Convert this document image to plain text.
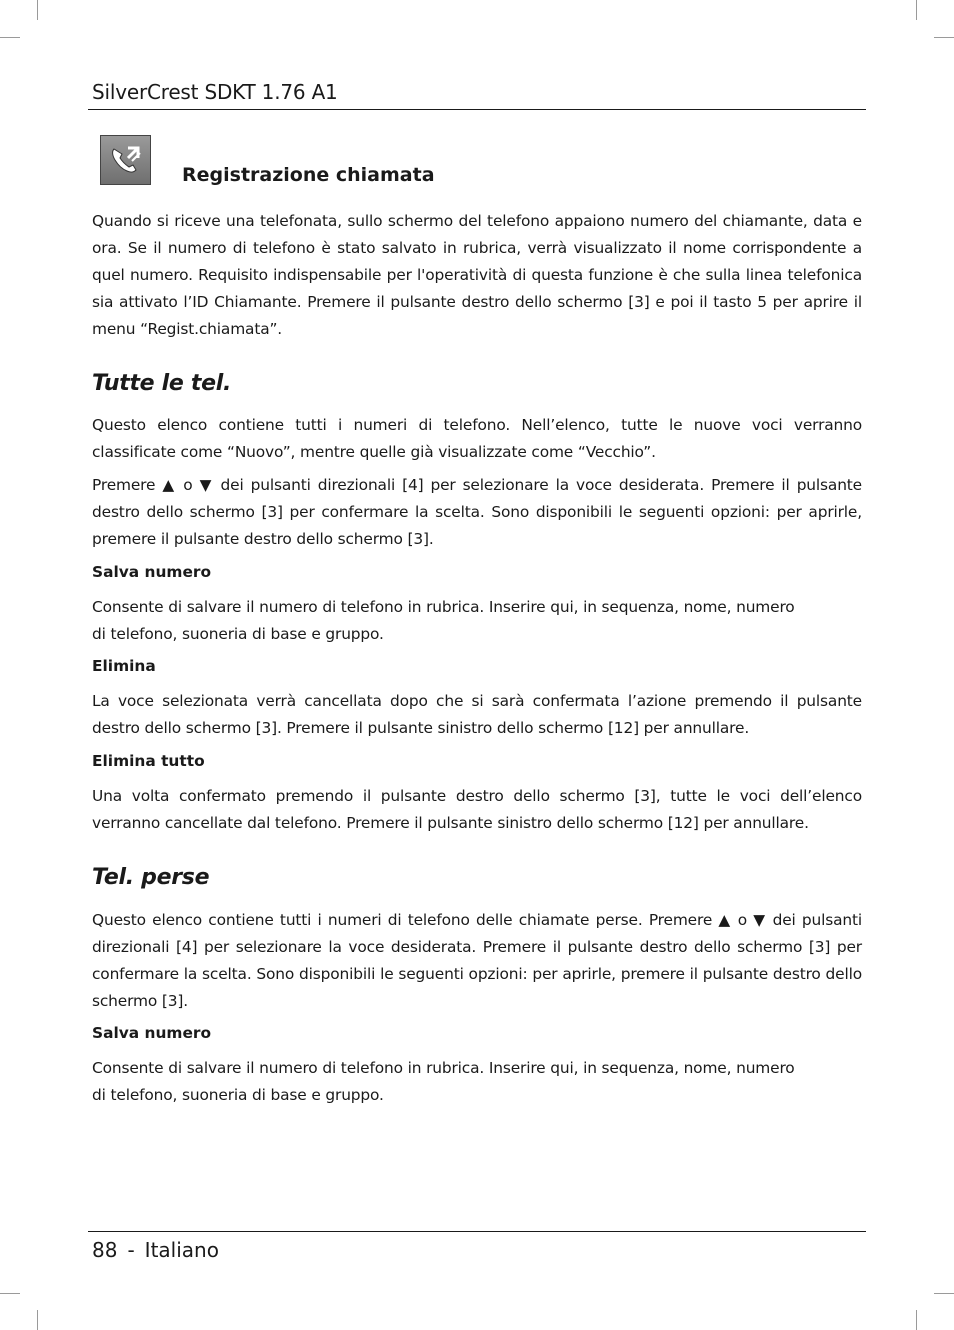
SilverCrest SDKT 1.76 A1
Registrazione chiamata

Quando si riceve una telefonata, sullo schermo del telefono appaiono numero del chiamante, data e ora. Se il numero di telefono è stato salvato in rubrica, verrà visualizzato il nome corrispondente a quel numero. Requisito indispensabile per l'operatività di questa funzione è che sulla linea telefonica sia attivato l’ID Chiamante. Premere il pulsante destro dello schermo [3] e poi il tasto 5 per aprire il menu “Regist.chiamata”.

Tutte le tel.

Questo elenco contiene tutti i numeri di telefono. Nell’elenco, tutte le nuove voci verranno classificate come “Nuovo”, mentre quelle già visualizzate come “Vecchio”.

Premere ▲ o ▼ dei pulsanti direzionali [4] per selezionare la voce desiderata. Premere il pulsante destro dello schermo [3] per confermare la scelta. Sono disponibili le seguenti opzioni: per aprirle, premere il pulsante destro dello schermo [3].

Salva numero

Consente di salvare il numero di telefono in rubrica. Inserire qui, in sequenza, nome, numero di telefono, suoneria di base e gruppo.

Elimina

La voce selezionata verrà cancellata dopo che si sarà confermata l’azione premendo il pulsante destro dello schermo [3]. Premere il pulsante sinistro dello schermo [12] per annullare.

Elimina tutto

Una volta confermato premendo il pulsante destro dello schermo [3], tutte le voci dell’elenco verranno cancellate dal telefono. Premere il pulsante sinistro dello schermo [12] per annullare.

Tel. perse

Questo elenco contiene tutti i numeri di telefono delle chiamate perse. Premere ▲ o ▼ dei pulsanti direzionali [4] per selezionare la voce desiderata. Premere il pulsante destro dello schermo [3] per confermare la scelta. Sono disponibili le seguenti opzioni: per aprirle, premere il pulsante destro dello schermo [3].

Salva numero

Consente di salvare il numero di telefono in rubrica. Inserire qui, in sequenza, nome, numero di telefono, suoneria di base e gruppo.

88 - Italiano
